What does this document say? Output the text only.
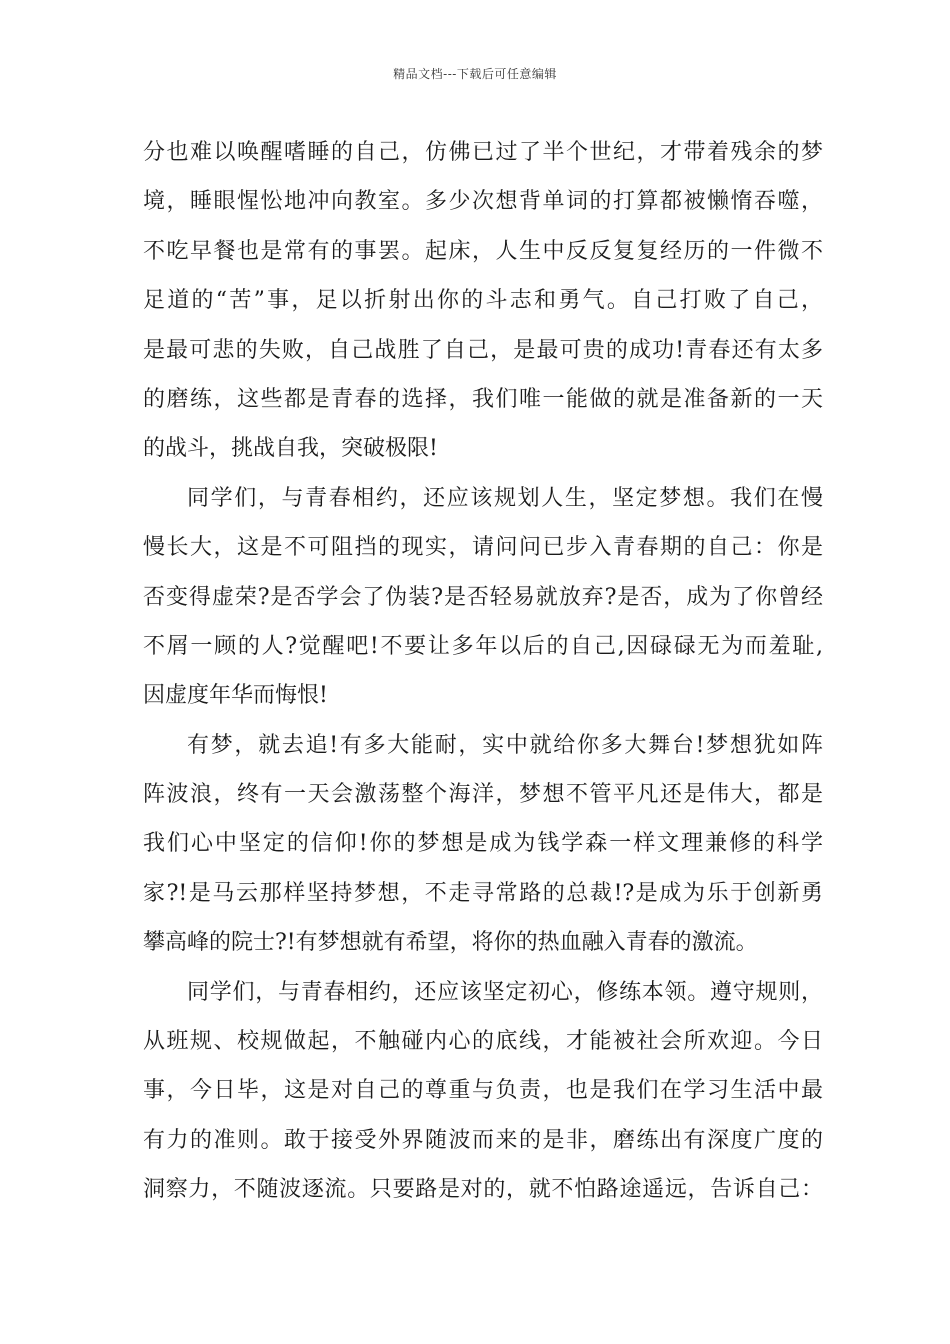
精品文档---下载后可任意编辑
分也难以唤醒嗜睡的自己，仿佛已过了半个世纪，才带着残余的梦
境，睡眼惺忪地冲向教室。多少次想背单词的打算都被懒惰吞噬，
不吃早餐也是常有的事罢。起床，人生中反反复复经历的一件微不
足道的“苦”事，足以折射出你的斗志和勇气。自己打败了自己，
是最可悲的失败，自己战胜了自己，是最可贵的成功!青春还有太多
的磨练，这些都是青春的选择，我们唯一能做的就是准备新的一天
的战斗，挑战自我，突破极限!
同学们，与青春相约，还应该规划人生，坚定梦想。我们在慢
慢长大，这是不可阻挡的现实，请问问已步入青春期的自己：你是
否变得虚荣?是否学会了伪装?是否轻易就放弃?是否，成为了你曾经
不屑一顾的人?觉醒吧!不要让多年以后的自己,因碌碌无为而羞耻,
因虚度年华而悔恨!
有梦，就去追!有多大能耐，实中就给你多大舞台!梦想犹如阵
阵波浪，终有一天会激荡整个海洋，梦想不管平凡还是伟大，都是
我们心中坚定的信仰!你的梦想是成为钱学森一样文理兼修的科学
家?!是马云那样坚持梦想，不走寻常路的总裁!?是成为乐于创新勇
攀高峰的院士?!有梦想就有希望，将你的热血融入青春的激流。
同学们，与青春相约，还应该坚定初心，修练本领。遵守规则，
从班规、校规做起，不触碰内心的底线，才能被社会所欢迎。今日
事，今日毕，这是对自己的尊重与负责，也是我们在学习生活中最
有力的准则。敢于接受外界随波而来的是非，磨练出有深度广度的
洞察力，不随波逐流。只要路是对的，就不怕路途遥远，告诉自己：
